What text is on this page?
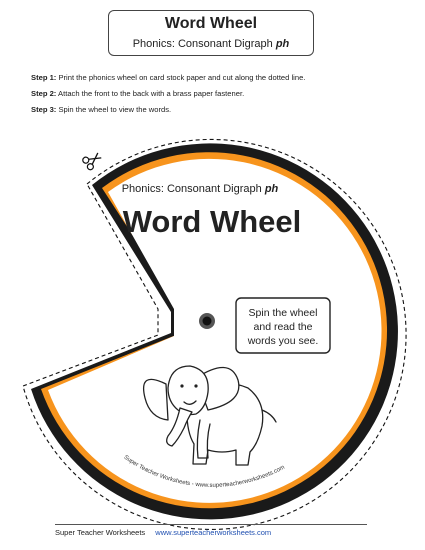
Word Wheel
Phonics: Consonant Digraph ph
Step 1: Print the phonics wheel on card stock paper and cut along the dotted line.
Step 2: Attach the front to the back with a brass paper fastener.
Step 3: Spin the wheel to view the words.
Phonics: Consonant Digraph ph
Word Wheel
Spin the wheel
and read the
words you see.
Super Teacher Worksheets - www.superteacherworksheets.com
Super Teacher Worksheets www.superteacherworksheets.com
